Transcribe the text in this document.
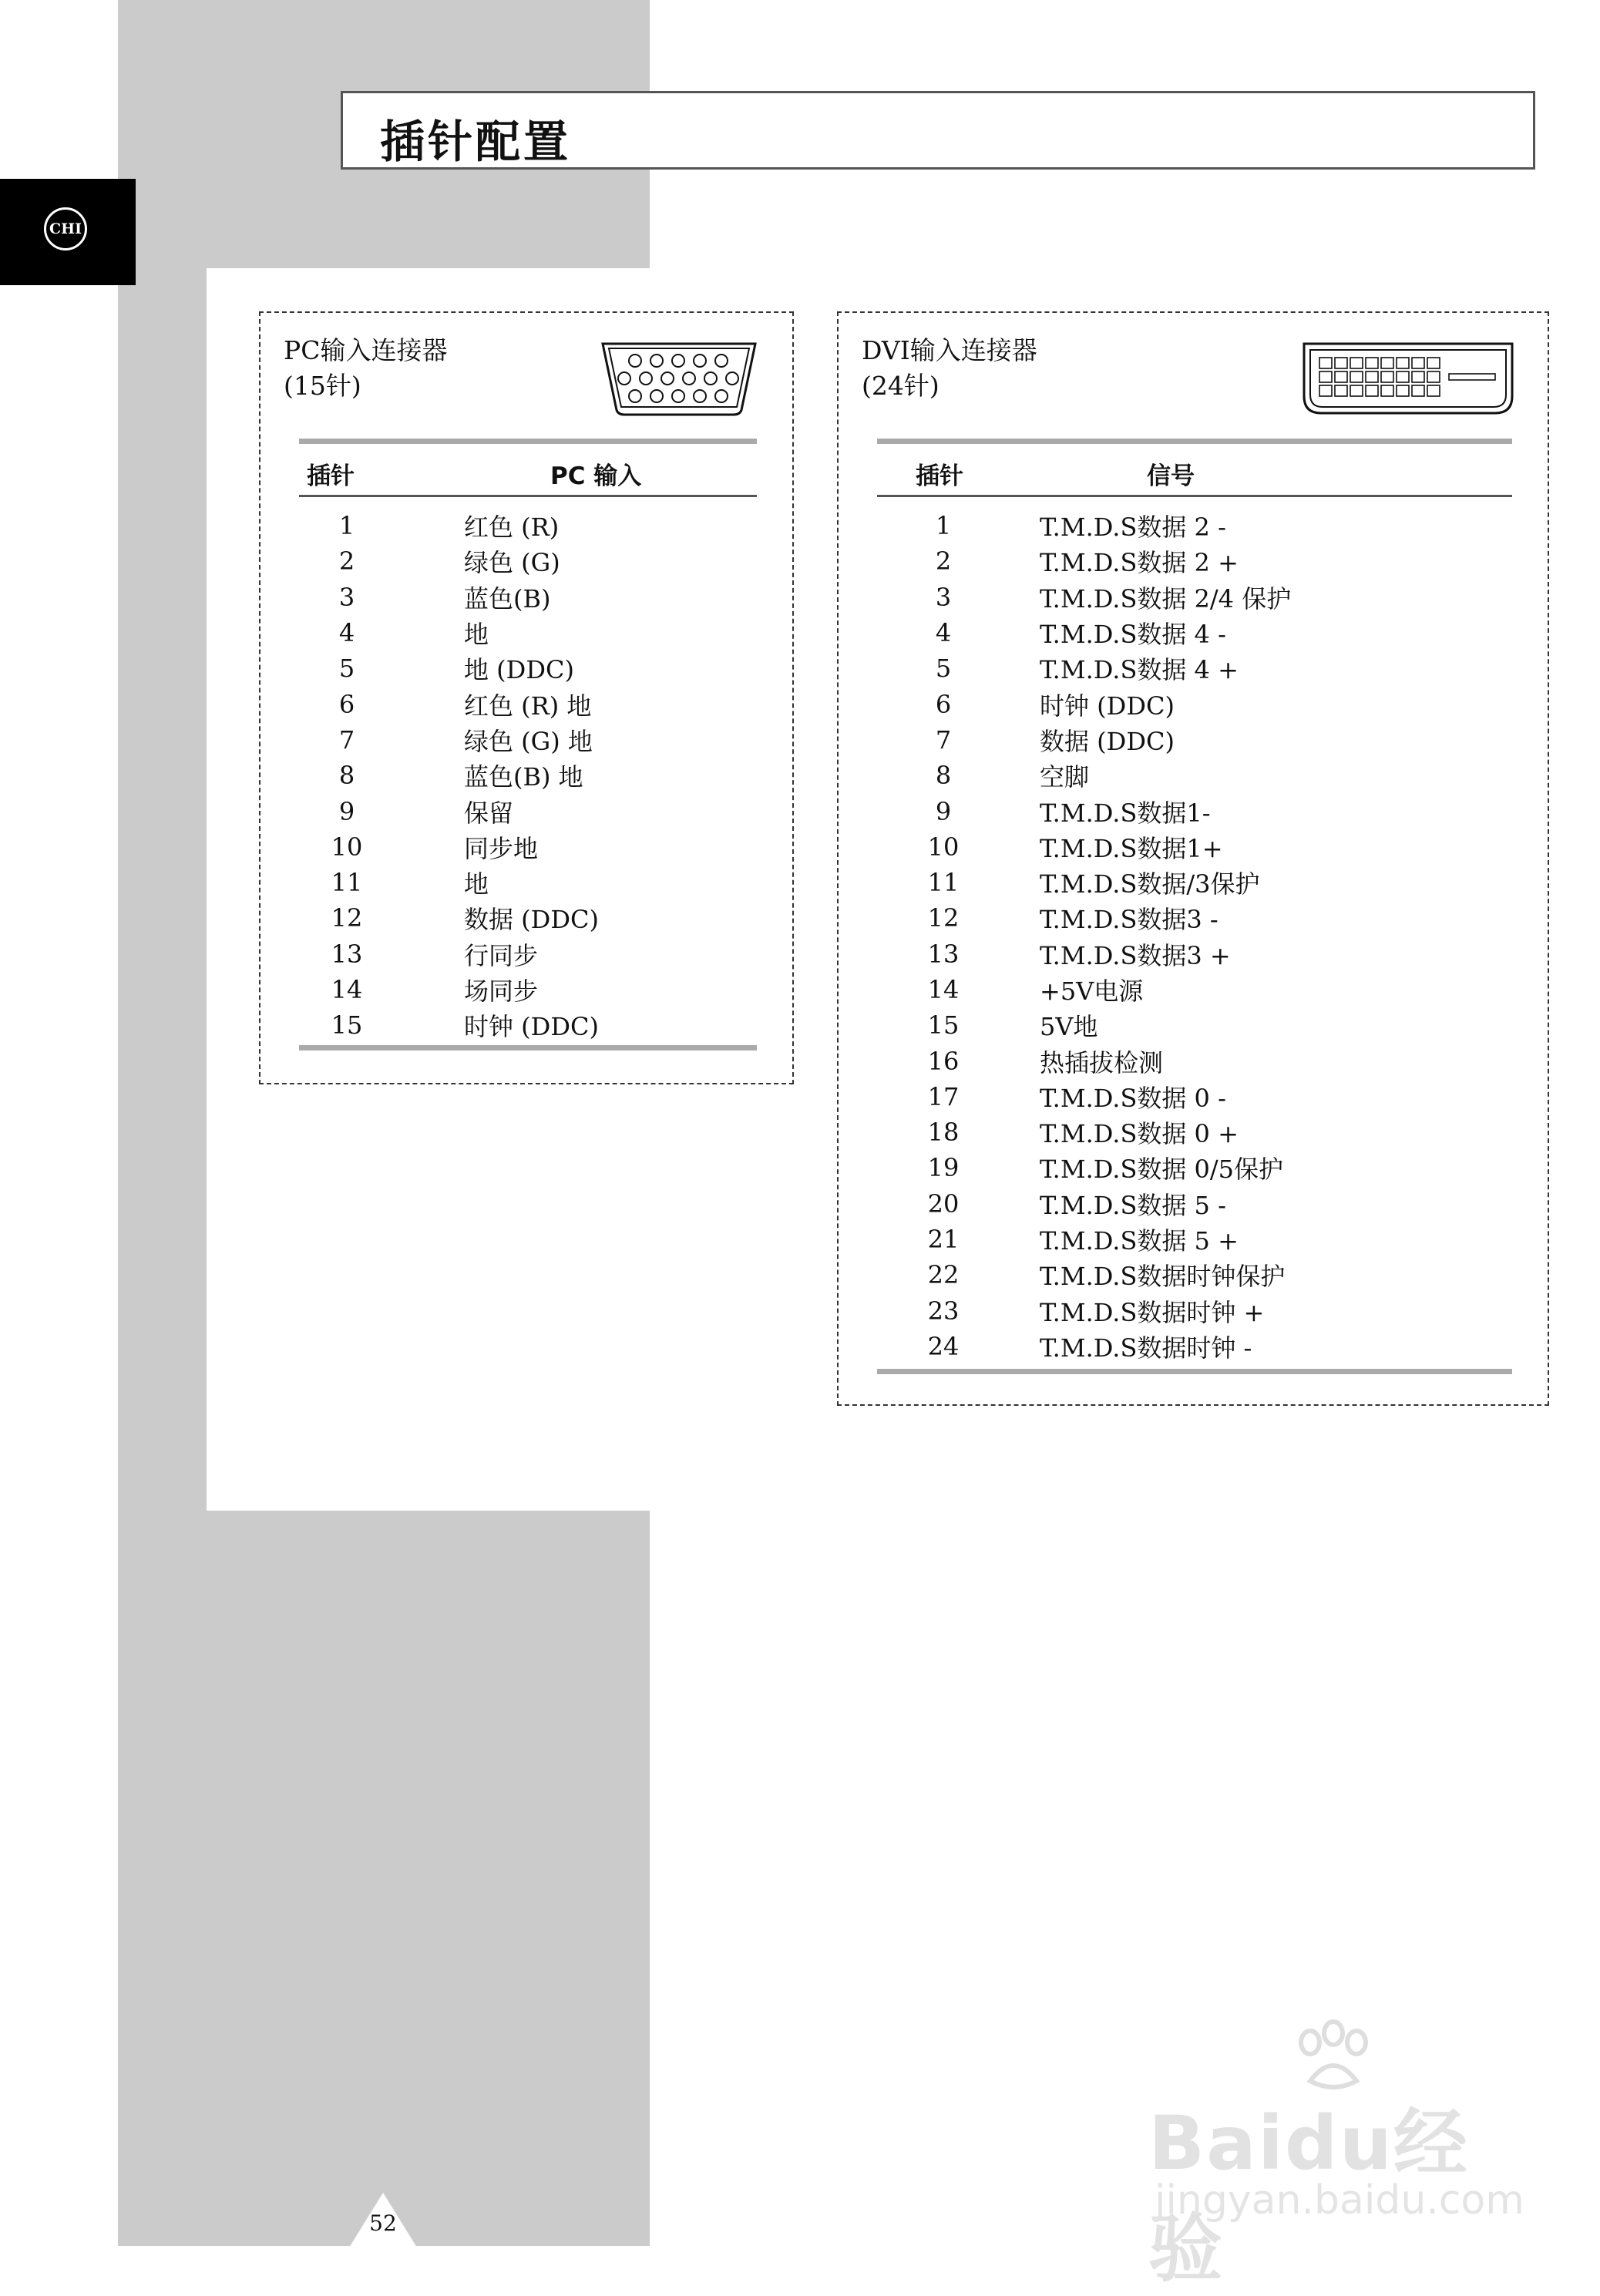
插针配置
CHI
PC输入连接器
(15针)
插针	PC 输入
1	红色 (R)
2	绿色 (G)
3	蓝色(B)
4	地
5	地 (DDC)
6	红色 (R) 地
7	绿色 (G) 地
8	蓝色(B) 地
9	保留
10	同步地
11	地
12	数据 (DDC)
13	行同步
14	场同步
15	时钟 (DDC)
DVI输入连接器
(24针)
插针	信号
1	T.M.D.S数据 2 -
2	T.M.D.S数据 2 +
3	T.M.D.S数据 2/4 保护
4	T.M.D.S数据 4 -
5	T.M.D.S数据 4 +
6	时钟 (DDC)
7	数据 (DDC)
8	空脚
9	T.M.D.S数据1-
10	T.M.D.S数据1+
11	T.M.D.S数据/3保护
12	T.M.D.S数据3 -
13	T.M.D.S数据3 +
14	+5V电源
15	5V地
16	热插拔检测
17	T.M.D.S数据 0 -
18	T.M.D.S数据 0 +
19	T.M.D.S数据 0/5保护
20	T.M.D.S数据 5 -
21	T.M.D.S数据 5 +
22	T.M.D.S数据时钟保护
23	T.M.D.S数据时钟 +
24	T.M.D.S数据时钟 -
52
Baidu经验
jingyan.baidu.com
